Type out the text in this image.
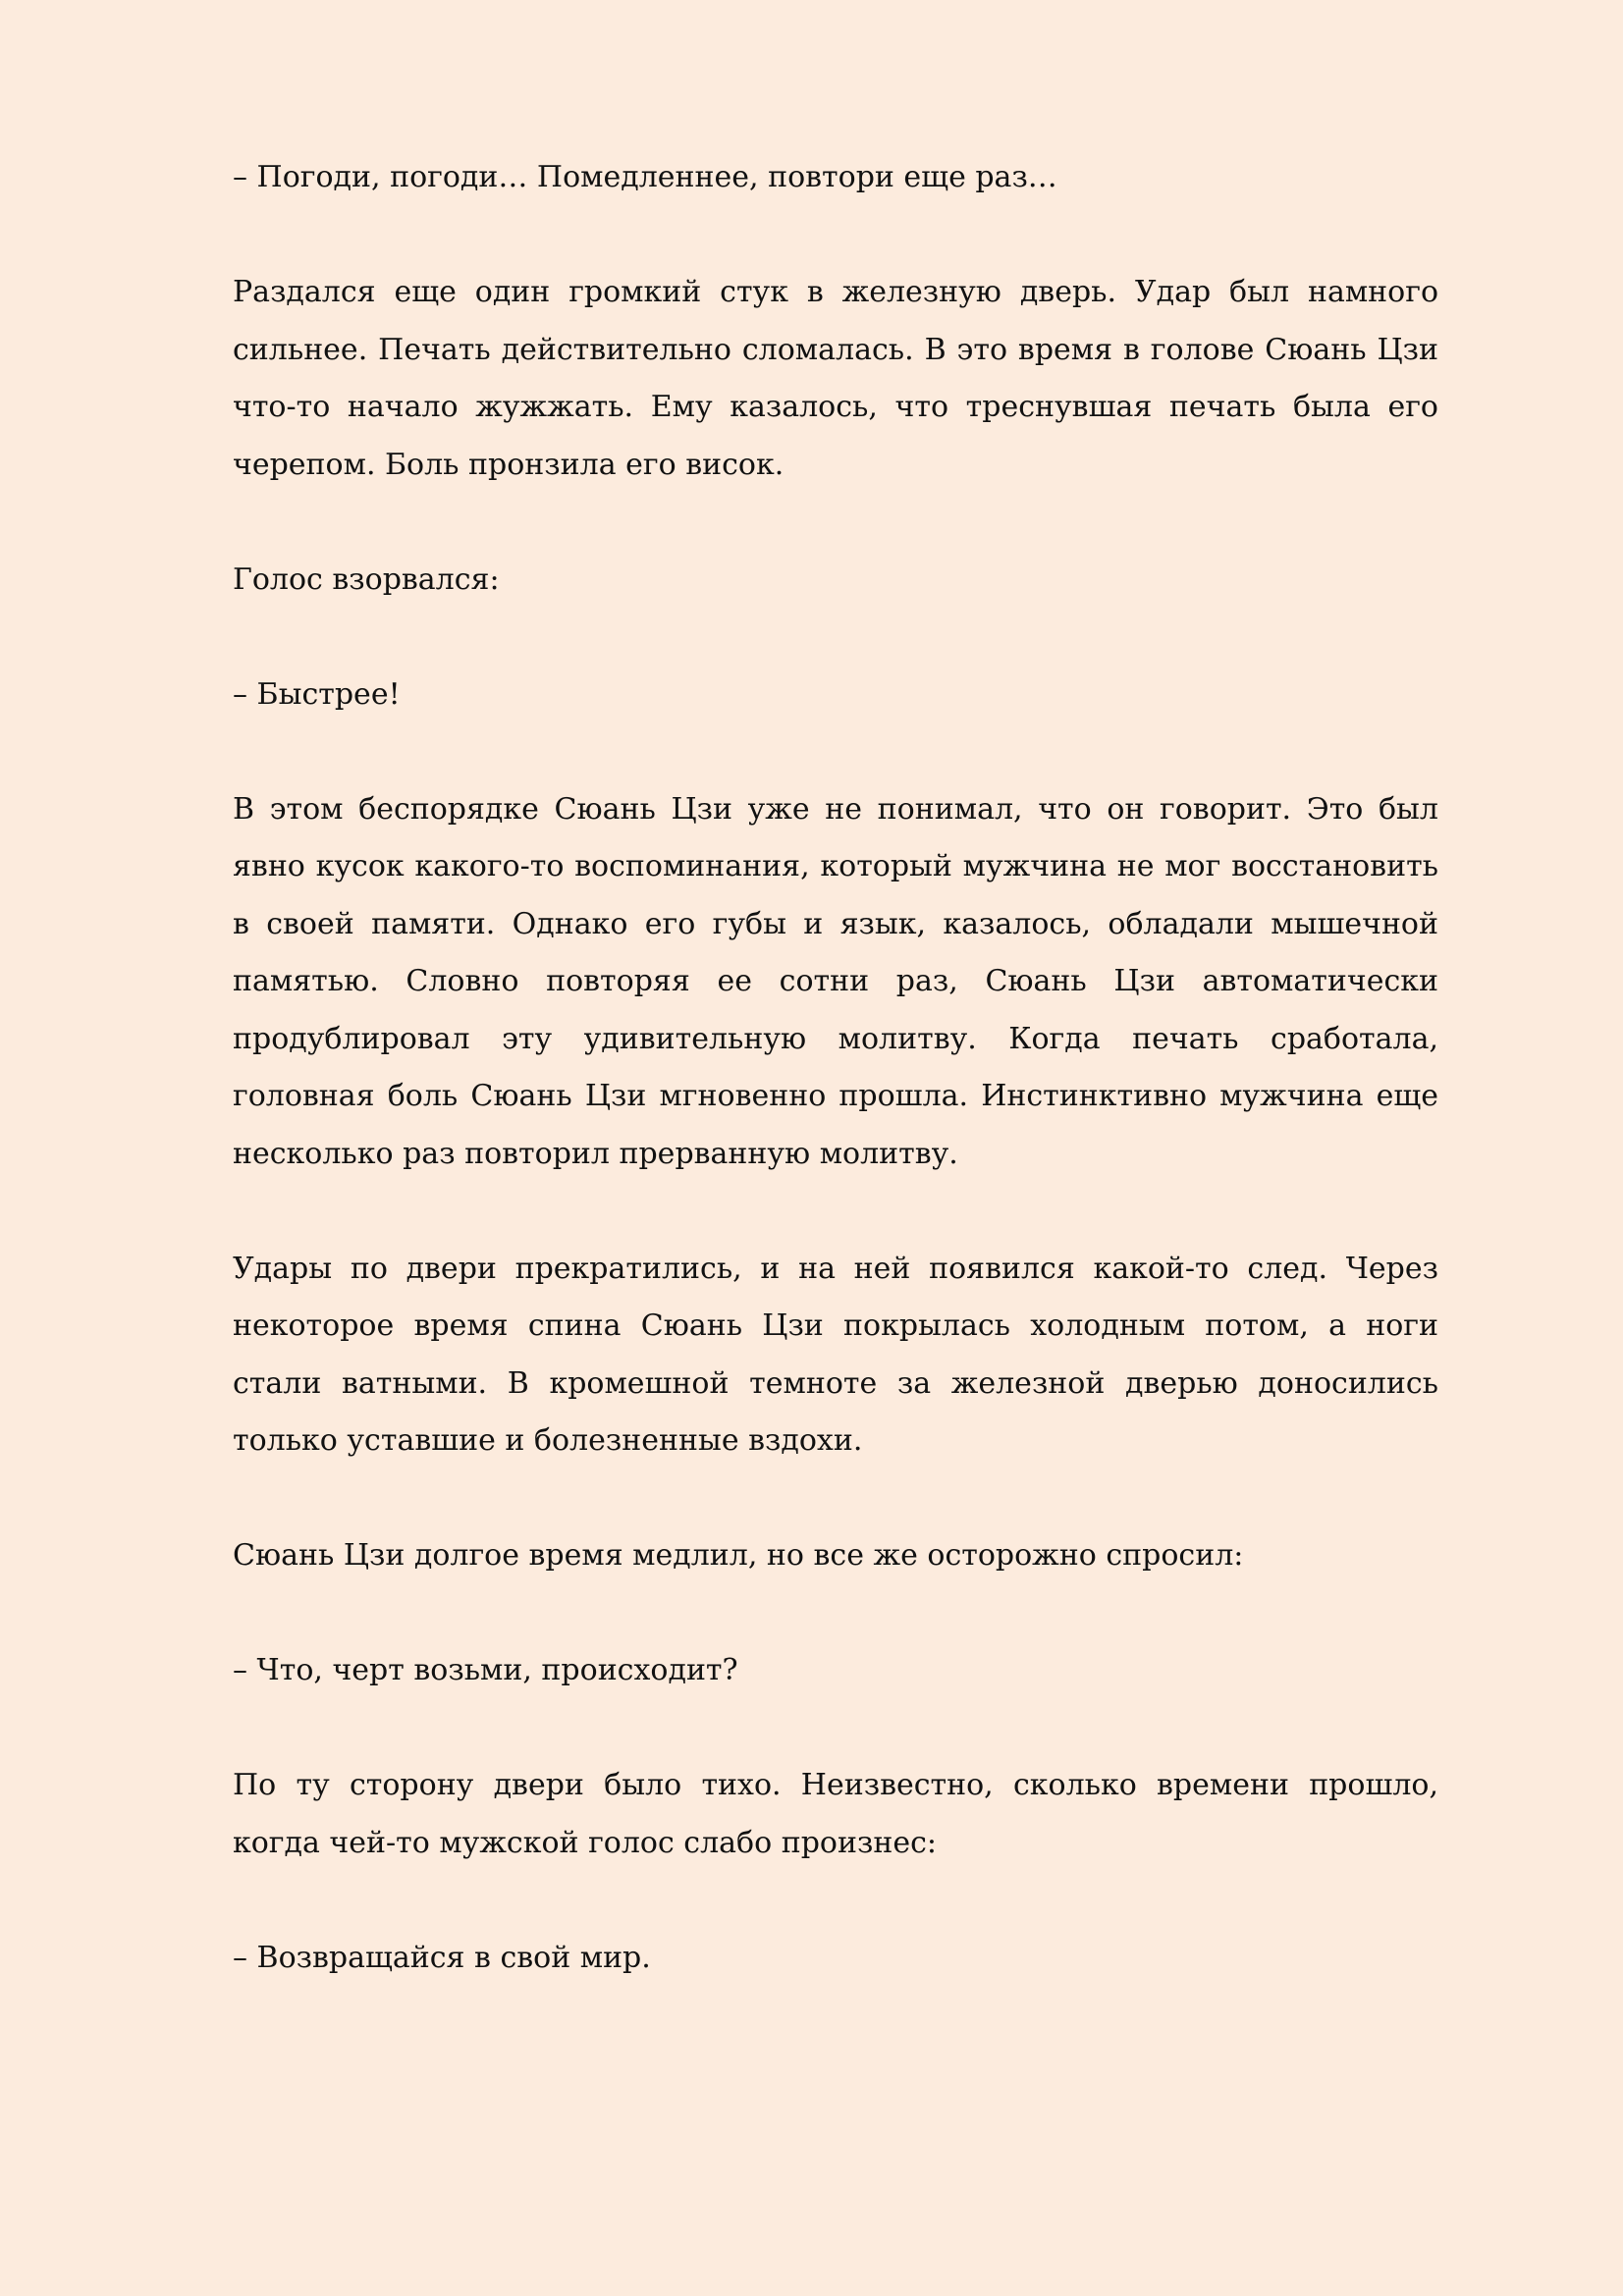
– Погоди, погоди… Помедленнее, повтори еще раз…

Раздался еще один громкий стук в железную дверь. Удар был намного сильнее. Печать действительно сломалась. В это время в голове Сюань Цзи что-то начало жужжать. Ему казалось, что треснувшая печать была его черепом. Боль пронзила его висок.

Голос взорвался:

– Быстрее!

В этом беспорядке Сюань Цзи уже не понимал, что он говорит. Это был явно кусок какого-то воспоминания, который мужчина не мог восстановить в своей памяти. Однако его губы и язык, казалось, обладали мышечной памятью. Словно повторяя ее сотни раз, Сюань Цзи автоматически продублировал эту удивительную молитву. Когда печать сработала, головная боль Сюань Цзи мгновенно прошла. Инстинктивно мужчина еще несколько раз повторил прерванную молитву.

Удары по двери прекратились, и на ней появился какой-то след. Через некоторое время спина Сюань Цзи покрылась холодным потом, а ноги стали ватными. В кромешной темноте за железной дверью доносились только уставшие и болезненные вздохи.

Сюань Цзи долгое время медлил, но все же осторожно спросил:

– Что, черт возьми, происходит?

По ту сторону двери было тихо. Неизвестно, сколько времени прошло, когда чей-то мужской голос слабо произнес:

– Возвращайся в свой мир.
